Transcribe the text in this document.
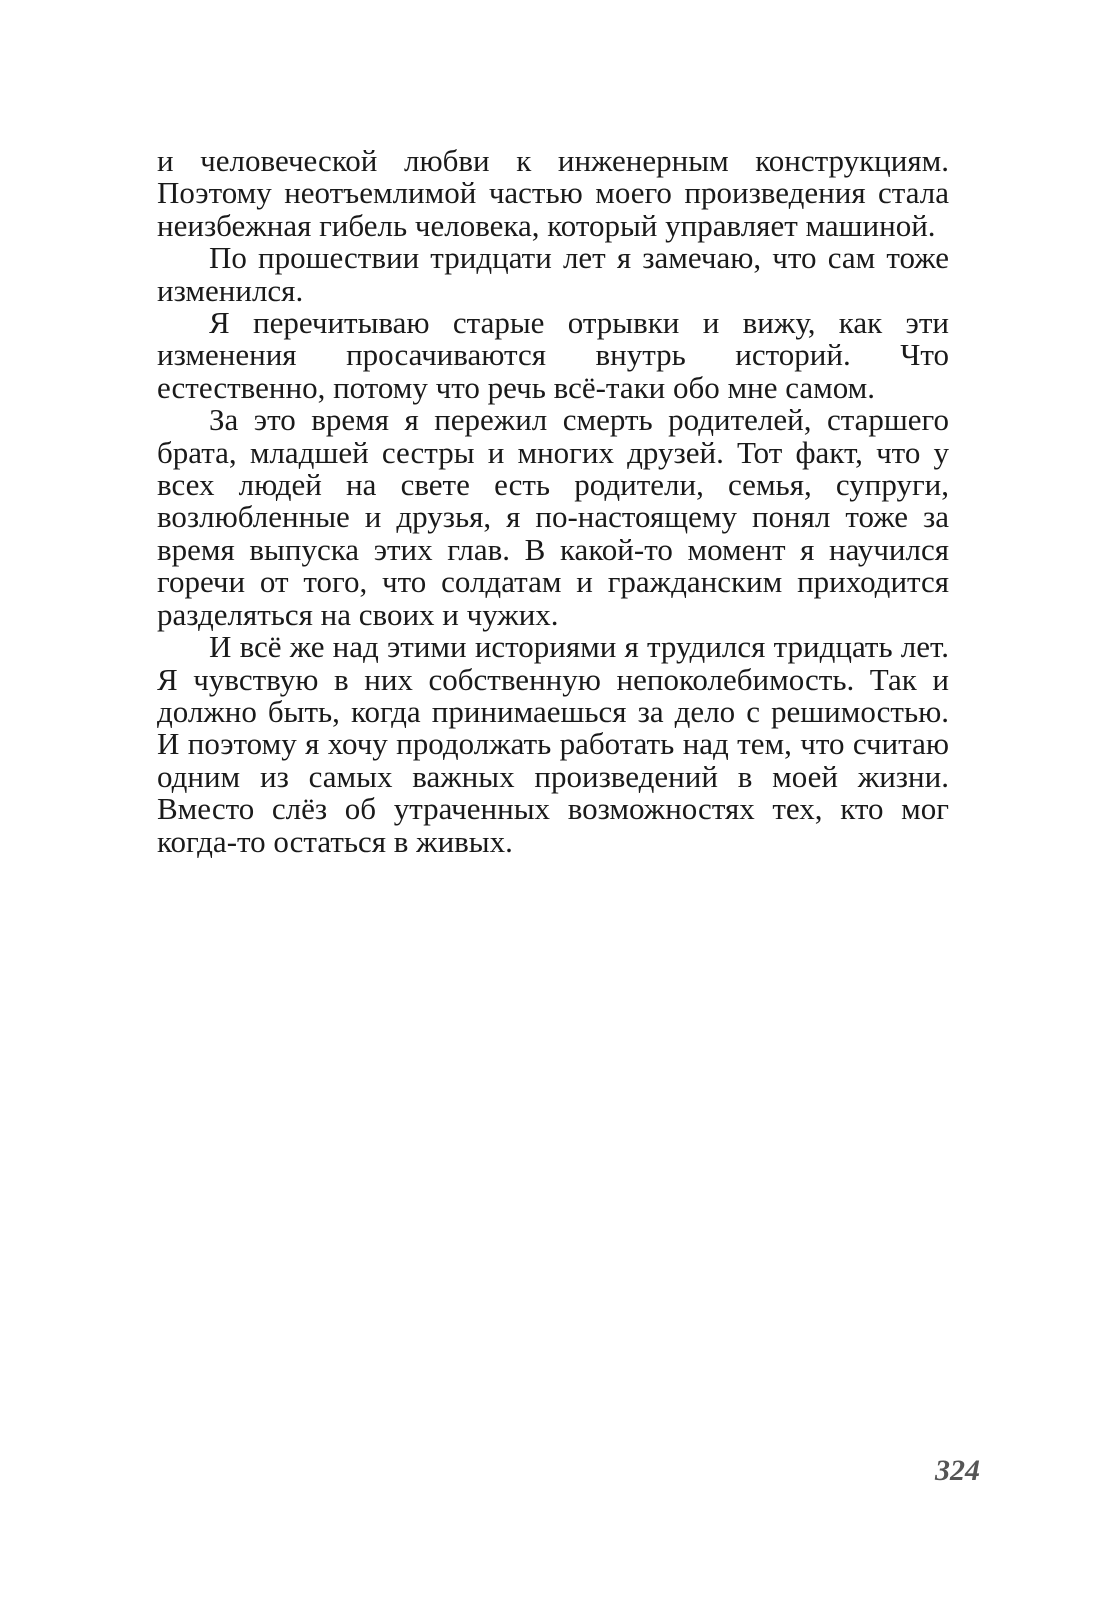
и человеческой любви к инженерным конструкциям. Поэтому неотъемлимой частью моего произведения стала неизбежная гибель человека, который управляет машиной.

По прошествии тридцати лет я замечаю, что сам тоже изменился.

Я перечитываю старые отрывки и вижу, как эти изменения просачиваются внутрь историй. Что естественно, потому что речь всё-таки обо мне самом.

За это время я пережил смерть родителей, старшего брата, младшей сестры и многих друзей. Тот факт, что у всех людей на свете есть родители, семья, супруги, возлюбленные и друзья, я по-настоящему понял тоже за время выпуска этих глав. В какой-то момент я научился горечи от того, что солдатам и гражданским приходится разделяться на своих и чужих.

И всё же над этими историями я трудился тридцать лет. Я чувствую в них собственную непоколебимость. Так и должно быть, когда принимаешься за дело с решимостью. И поэтому я хочу продолжать работать над тем, что считаю одним из самых важных произведений в моей жизни. Вместо слёз об утраченных возможностях тех, кто мог когда-то остаться в живых.

324
